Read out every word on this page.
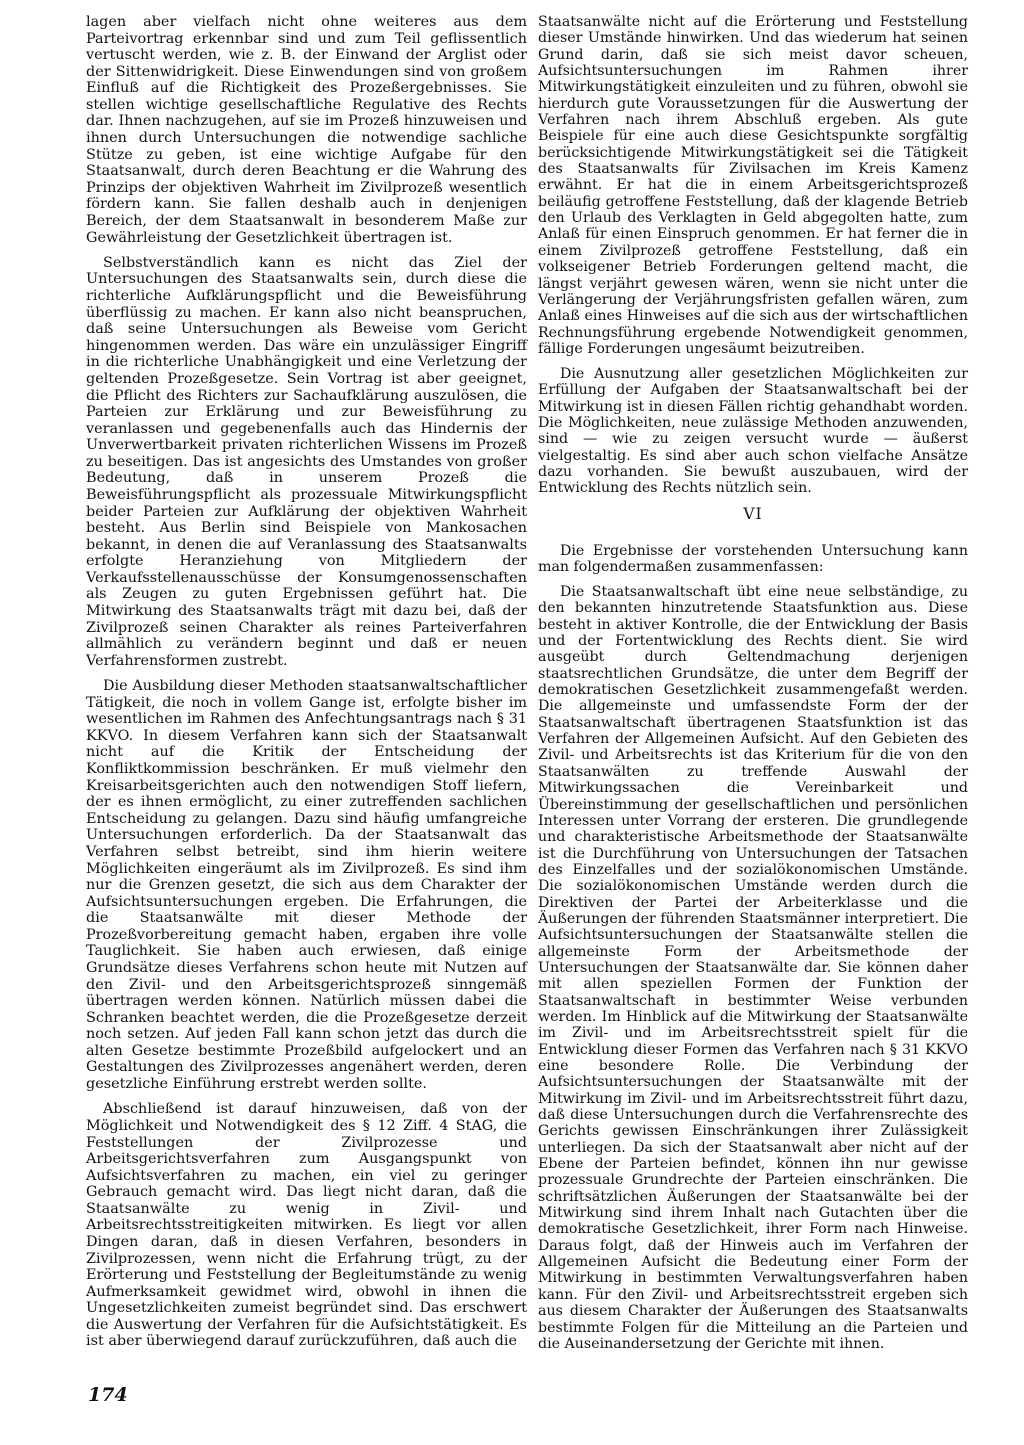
lagen aber vielfach nicht ohne weiteres aus dem Parteivortrag erkennbar sind und zum Teil geflissentlich vertuscht werden, wie z. B. der Einwand der Arglist oder der Sittenwidrigkeit. Diese Einwendungen sind von großem Einfluß auf die Richtigkeit des Prozeßergebnisses. Sie stellen wichtige gesellschaftliche Regulative des Rechts dar. Ihnen nachzugehen, auf sie im Prozeß hinzuweisen und ihnen durch Untersuchungen die notwendige sachliche Stütze zu geben, ist eine wichtige Aufgabe für den Staatsanwalt, durch deren Beachtung er die Wahrung des Prinzips der objektiven Wahrheit im Zivilprozeß wesentlich fördern kann. Sie fallen deshalb auch in denjenigen Bereich, der dem Staatsanwalt in besonderem Maße zur Gewährleistung der Gesetzlichkeit übertragen ist.

Selbstverständlich kann es nicht das Ziel der Untersuchungen des Staatsanwalts sein, durch diese die richterliche Aufklärungspflicht und die Beweisführung überflüssig zu machen. Er kann also nicht beanspruchen, daß seine Untersuchungen als Beweise vom Gericht hingenommen werden. Das wäre ein unzulässiger Eingriff in die richterliche Unabhängigkeit und eine Verletzung der geltenden Prozeßgesetze. Sein Vortrag ist aber geeignet, die Pflicht des Richters zur Sachaufklärung auszulösen, die Parteien zur Erklärung und zur Beweisführung zu veranlassen und gegebenenfalls auch das Hindernis der Unverwertbarkeit privaten richterlichen Wissens im Prozeß zu beseitigen. Das ist angesichts des Umstandes von großer Bedeutung, daß in unserem Prozeß die Beweisführungspflicht als prozessuale Mitwirkungspflicht beider Parteien zur Aufklärung der objektiven Wahrheit besteht. Aus Berlin sind Beispiele von Mankosachen bekannt, in denen die auf Veranlassung des Staatsanwalts erfolgte Heranziehung von Mitgliedern der Verkaufsstellenausschüsse der Konsumgenossenschaften als Zeugen zu guten Ergebnissen geführt hat. Die Mitwirkung des Staatsanwalts trägt mit dazu bei, daß der Zivilprozeß seinen Charakter als reines Parteiverfahren allmählich zu verändern beginnt und daß er neuen Verfahrensformen zustrebt.

Die Ausbildung dieser Methoden staatsanwaltschaftlicher Tätigkeit, die noch in vollem Gange ist, erfolgte bisher im wesentlichen im Rahmen des Anfechtungsantrags nach § 31 KKVO. In diesem Verfahren kann sich der Staatsanwalt nicht auf die Kritik der Entscheidung der Konfliktkommission beschränken. Er muß vielmehr den Kreisarbeitsgerichten auch den notwendigen Stoff liefern, der es ihnen ermöglicht, zu einer zutreffenden sachlichen Entscheidung zu gelangen. Dazu sind häufig umfangreiche Untersuchungen erforderlich. Da der Staatsanwalt das Verfahren selbst betreibt, sind ihm hierin weitere Möglichkeiten eingeräumt als im Zivilprozeß. Es sind ihm nur die Grenzen gesetzt, die sich aus dem Charakter der Aufsichtsuntersuchungen ergeben. Die Erfahrungen, die die Staatsanwälte mit dieser Methode der Prozeßvorbereitung gemacht haben, ergaben ihre volle Tauglichkeit. Sie haben auch erwiesen, daß einige Grundsätze dieses Verfahrens schon heute mit Nutzen auf den Zivil- und den Arbeitsgerichtsprozeß sinngemäß übertragen werden können. Natürlich müssen dabei die Schranken beachtet werden, die die Prozeßgesetze derzeit noch setzen. Auf jeden Fall kann schon jetzt das durch die alten Gesetze bestimmte Prozeßbild aufgelockert und an Gestaltungen des Zivilprozesses angenähert werden, deren gesetzliche Einführung erstrebt werden sollte.

Abschließend ist darauf hinzuweisen, daß von der Möglichkeit und Notwendigkeit des § 12 Ziff. 4 StAG, die Feststellungen der Zivilprozesse und Arbeitsgerichtsverfahren zum Ausgangspunkt von Aufsichtsverfahren zu machen, ein viel zu geringer Gebrauch gemacht wird. Das liegt nicht daran, daß die Staatsanwälte zu wenig in Zivil- und Arbeitsrechtsstreitigkeiten mitwirken. Es liegt vor allen Dingen daran, daß in diesen Verfahren, besonders in Zivilprozessen, wenn nicht die Erfahrung trügt, zu der Erörterung und Feststellung der Begleitumstände zu wenig Aufmerksamkeit gewidmet wird, obwohl in ihnen die Ungesetzlichkeiten zumeist begründet sind. Das erschwert die Auswertung der Verfahren für die Aufsichtstätigkeit. Es ist aber überwiegend darauf zurückzuführen, daß auch die

Staatsanwälte nicht auf die Erörterung und Feststellung dieser Umstände hinwirken. Und das wiederum hat seinen Grund darin, daß sie sich meist davor scheuen, Aufsichtsuntersuchungen im Rahmen ihrer Mitwirkungstätigkeit einzuleiten und zu führen, obwohl sie hierdurch gute Voraussetzungen für die Auswertung der Verfahren nach ihrem Abschluß ergeben. Als gute Beispiele für eine auch diese Gesichtspunkte sorgfältig berücksichtigende Mitwirkungstätigkeit sei die Tätigkeit des Staatsanwalts für Zivilsachen im Kreis Kamenz erwähnt. Er hat die in einem Arbeitsgerichtsprozeß beiläufig getroffene Feststellung, daß der klagende Betrieb den Urlaub des Verklagten in Geld abgegolten hatte, zum Anlaß für einen Einspruch genommen. Er hat ferner die in einem Zivilprozeß getroffene Feststellung, daß ein volkseigener Betrieb Forderungen geltend macht, die längst verjährt gewesen wären, wenn sie nicht unter die Verlängerung der Verjährungsfristen gefallen wären, zum Anlaß eines Hinweises auf die sich aus der wirtschaftlichen Rechnungsführung ergebende Notwendigkeit genommen, fällige Forderungen ungesäumt beizutreiben.

Die Ausnutzung aller gesetzlichen Möglichkeiten zur Erfüllung der Aufgaben der Staatsanwaltschaft bei der Mitwirkung ist in diesen Fällen richtig gehandhabt worden. Die Möglichkeiten, neue zulässige Methoden anzuwenden, sind — wie zu zeigen versucht wurde — äußerst vielgestaltig. Es sind aber auch schon vielfache Ansätze dazu vorhanden. Sie bewußt auszubauen, wird der Entwicklung des Rechts nützlich sein.

VI

Die Ergebnisse der vorstehenden Untersuchung kann man folgendermaßen zusammenfassen:

Die Staatsanwaltschaft übt eine neue selbständige, zu den bekannten hinzutretende Staatsfunktion aus. Diese besteht in aktiver Kontrolle, die der Entwicklung der Basis und der Fortentwicklung des Rechts dient. Sie wird ausgeübt durch Geltendmachung derjenigen staatsrechtlichen Grundsätze, die unter dem Begriff der demokratischen Gesetzlichkeit zusammengefaßt werden. Die allgemeinste und umfassendste Form der der Staatsanwaltschaft übertragenen Staatsfunktion ist das Verfahren der Allgemeinen Aufsicht. Auf den Gebieten des Zivil- und Arbeitsrechts ist das Kriterium für die von den Staatsanwälten zu treffende Auswahl der Mitwirkungssachen die Vereinbarkeit und Übereinstimmung der gesellschaftlichen und persönlichen Interessen unter Vorrang der ersteren. Die grundlegende und charakteristische Arbeitsmethode der Staatsanwälte ist die Durchführung von Untersuchungen der Tatsachen des Einzelfalles und der sozialökonomischen Umstände. Die sozialökonomischen Umstände werden durch die Direktiven der Partei der Arbeiterklasse und die Äußerungen der führenden Staatsmänner interpretiert. Die Aufsichtsuntersuchungen der Staatsanwälte stellen die allgemeinste Form der Arbeitsmethode der Untersuchungen der Staatsanwälte dar. Sie können daher mit allen speziellen Formen der Funktion der Staatsanwaltschaft in bestimmter Weise verbunden werden. Im Hinblick auf die Mitwirkung der Staatsanwälte im Zivil- und im Arbeitsrechtsstreit spielt für die Entwicklung dieser Formen das Verfahren nach § 31 KKVO eine besondere Rolle. Die Verbindung der Aufsichtsuntersuchungen der Staatsanwälte mit der Mitwirkung im Zivil- und im Arbeitsrechtsstreit führt dazu, daß diese Untersuchungen durch die Verfahrensrechte des Gerichts gewissen Einschränkungen ihrer Zulässigkeit unterliegen. Da sich der Staatsanwalt aber nicht auf der Ebene der Parteien befindet, können ihn nur gewisse prozessuale Grundrechte der Parteien einschränken. Die schriftsätzlichen Äußerungen der Staatsanwälte bei der Mitwirkung sind ihrem Inhalt nach Gutachten über die demokratische Gesetzlichkeit, ihrer Form nach Hinweise. Daraus folgt, daß der Hinweis auch im Verfahren der Allgemeinen Aufsicht die Bedeutung einer Form der Mitwirkung in bestimmten Verwaltungsverfahren haben kann. Für den Zivil- und Arbeitsrechtsstreit ergeben sich aus diesem Charakter der Äußerungen des Staatsanwalts bestimmte Folgen für die Mitteilung an die Parteien und die Auseinandersetzung der Gerichte mit ihnen.

174
